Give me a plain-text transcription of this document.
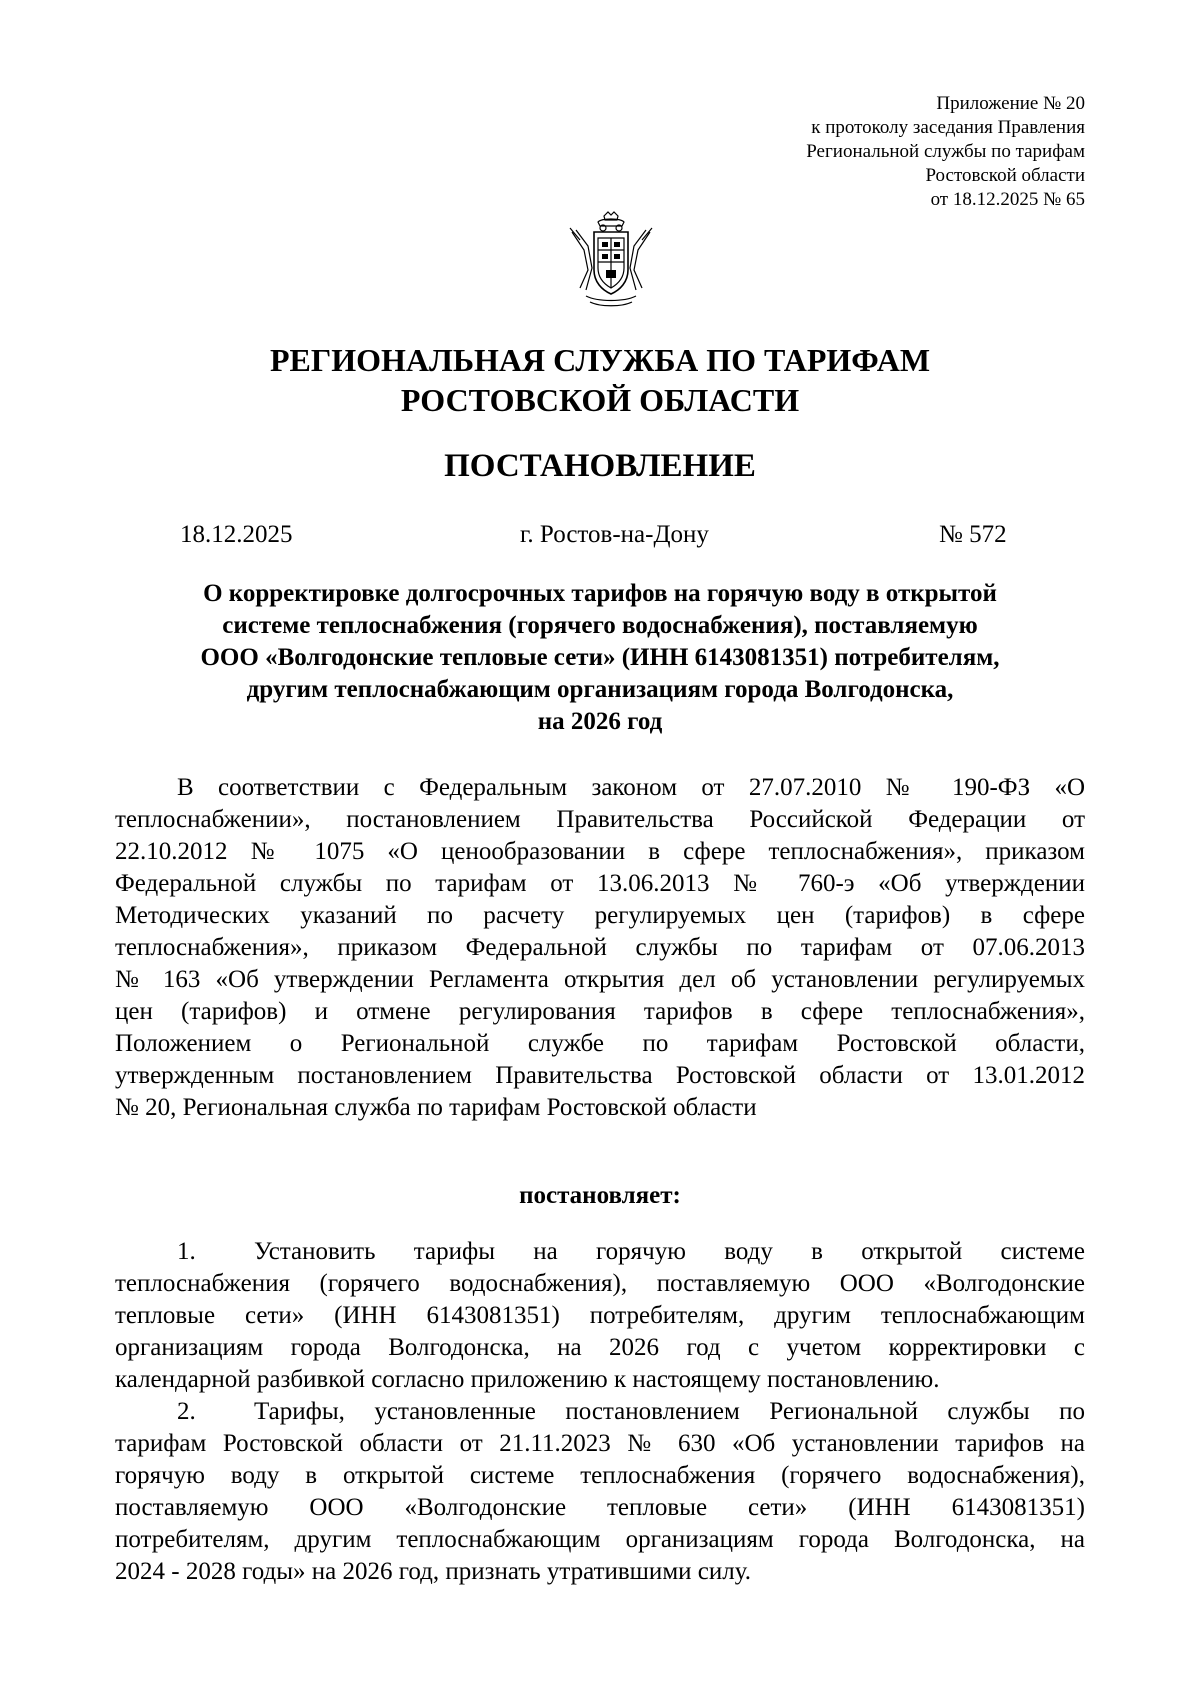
Приложение № 20
к протоколу заседания Правления
Региональной службы по тарифам
Ростовской области
от 18.12.2025 № 65
РЕГИОНАЛЬНАЯ СЛУЖБА ПО ТАРИФАМ
РОСТОВСКОЙ ОБЛАСТИ
ПОСТАНОВЛЕНИЕ
18.12.2025	г. Ростов-на-Дону	№ 572
О корректировке долгосрочных тарифов на горячую воду в открытой
системе теплоснабжения (горячего водоснабжения), поставляемую
ООО «Волгодонские тепловые сети» (ИНН 6143081351) потребителям,
другим теплоснабжающим организациям города Волгодонска,
на 2026 год
В соответствии с Федеральным законом от 27.07.2010 № 190-ФЗ «О
теплоснабжении», постановлением Правительства Российской Федерации от
22.10.2012 № 1075 «О ценообразовании в сфере теплоснабжения», приказом
Федеральной службы по тарифам от 13.06.2013 № 760-э «Об утверждении
Методических указаний по расчету регулируемых цен (тарифов) в сфере
теплоснабжения», приказом Федеральной службы по тарифам от 07.06.2013
№ 163 «Об утверждении Регламента открытия дел об установлении регулируемых
цен (тарифов) и отмене регулирования тарифов в сфере теплоснабжения»,
Положением о Региональной службе по тарифам Ростовской области,
утвержденным постановлением Правительства Ростовской области от 13.01.2012
№ 20, Региональная служба по тарифам Ростовской области
постановляет:
1. Установить тарифы на горячую воду в открытой системе
теплоснабжения (горячего водоснабжения), поставляемую ООО «Волгодонские
тепловые сети» (ИНН 6143081351) потребителям, другим теплоснабжающим
организациям города Волгодонска, на 2026 год с учетом корректировки с
календарной разбивкой согласно приложению к настоящему постановлению.
2. Тарифы, установленные постановлением Региональной службы по
тарифам Ростовской области от 21.11.2023 № 630 «Об установлении тарифов на
горячую воду в открытой системе теплоснабжения (горячего водоснабжения),
поставляемую ООО «Волгодонские тепловые сети» (ИНН 6143081351)
потребителям, другим теплоснабжающим организациям города Волгодонска, на
2024 - 2028 годы» на 2026 год, признать утратившими силу.
